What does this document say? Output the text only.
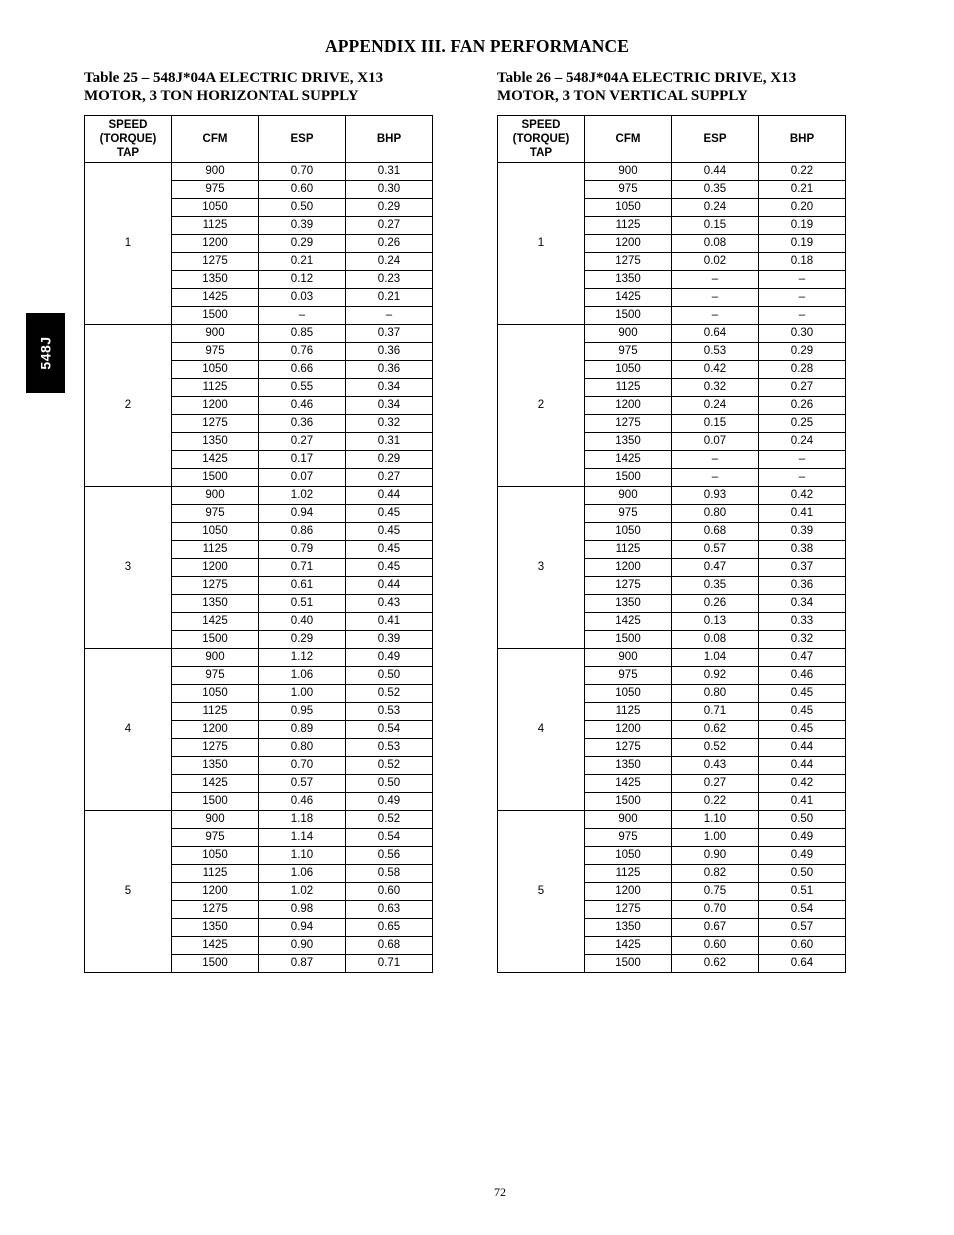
APPENDIX III. FAN PERFORMANCE
548J
Table 25 – 548J*04A ELECTRIC DRIVE, X13
MOTOR, 3 TON HORIZONTAL SUPPLY
Table 26 – 548J*04A ELECTRIC DRIVE, X13
MOTOR, 3 TON VERTICAL SUPPLY
SPEED
(TORQUE)
TAP	CFM	ESP	BHP
1	900	0.70	0.31
	975	0.60	0.30
	1050	0.50	0.29
	1125	0.39	0.27
	1200	0.29	0.26
	1275	0.21	0.24
	1350	0.12	0.23
	1425	0.03	0.21
	1500	–	–
2	900	0.85	0.37
	975	0.76	0.36
	1050	0.66	0.36
	1125	0.55	0.34
	1200	0.46	0.34
	1275	0.36	0.32
	1350	0.27	0.31
	1425	0.17	0.29
	1500	0.07	0.27
3	900	1.02	0.44
	975	0.94	0.45
	1050	0.86	0.45
	1125	0.79	0.45
	1200	0.71	0.45
	1275	0.61	0.44
	1350	0.51	0.43
	1425	0.40	0.41
	1500	0.29	0.39
4	900	1.12	0.49
	975	1.06	0.50
	1050	1.00	0.52
	1125	0.95	0.53
	1200	0.89	0.54
	1275	0.80	0.53
	1350	0.70	0.52
	1425	0.57	0.50
	1500	0.46	0.49
5	900	1.18	0.52
	975	1.14	0.54
	1050	1.10	0.56
	1125	1.06	0.58
	1200	1.02	0.60
	1275	0.98	0.63
	1350	0.94	0.65
	1425	0.90	0.68
	1500	0.87	0.71
SPEED
(TORQUE)
TAP	CFM	ESP	BHP
1	900	0.44	0.22
	975	0.35	0.21
	1050	0.24	0.20
	1125	0.15	0.19
	1200	0.08	0.19
	1275	0.02	0.18
	1350	–	–
	1425	–	–
	1500	–	–
2	900	0.64	0.30
	975	0.53	0.29
	1050	0.42	0.28
	1125	0.32	0.27
	1200	0.24	0.26
	1275	0.15	0.25
	1350	0.07	0.24
	1425	–	–
	1500	–	–
3	900	0.93	0.42
	975	0.80	0.41
	1050	0.68	0.39
	1125	0.57	0.38
	1200	0.47	0.37
	1275	0.35	0.36
	1350	0.26	0.34
	1425	0.13	0.33
	1500	0.08	0.32
4	900	1.04	0.47
	975	0.92	0.46
	1050	0.80	0.45
	1125	0.71	0.45
	1200	0.62	0.45
	1275	0.52	0.44
	1350	0.43	0.44
	1425	0.27	0.42
	1500	0.22	0.41
5	900	1.10	0.50
	975	1.00	0.49
	1050	0.90	0.49
	1125	0.82	0.50
	1200	0.75	0.51
	1275	0.70	0.54
	1350	0.67	0.57
	1425	0.60	0.60
	1500	0.62	0.64
72
